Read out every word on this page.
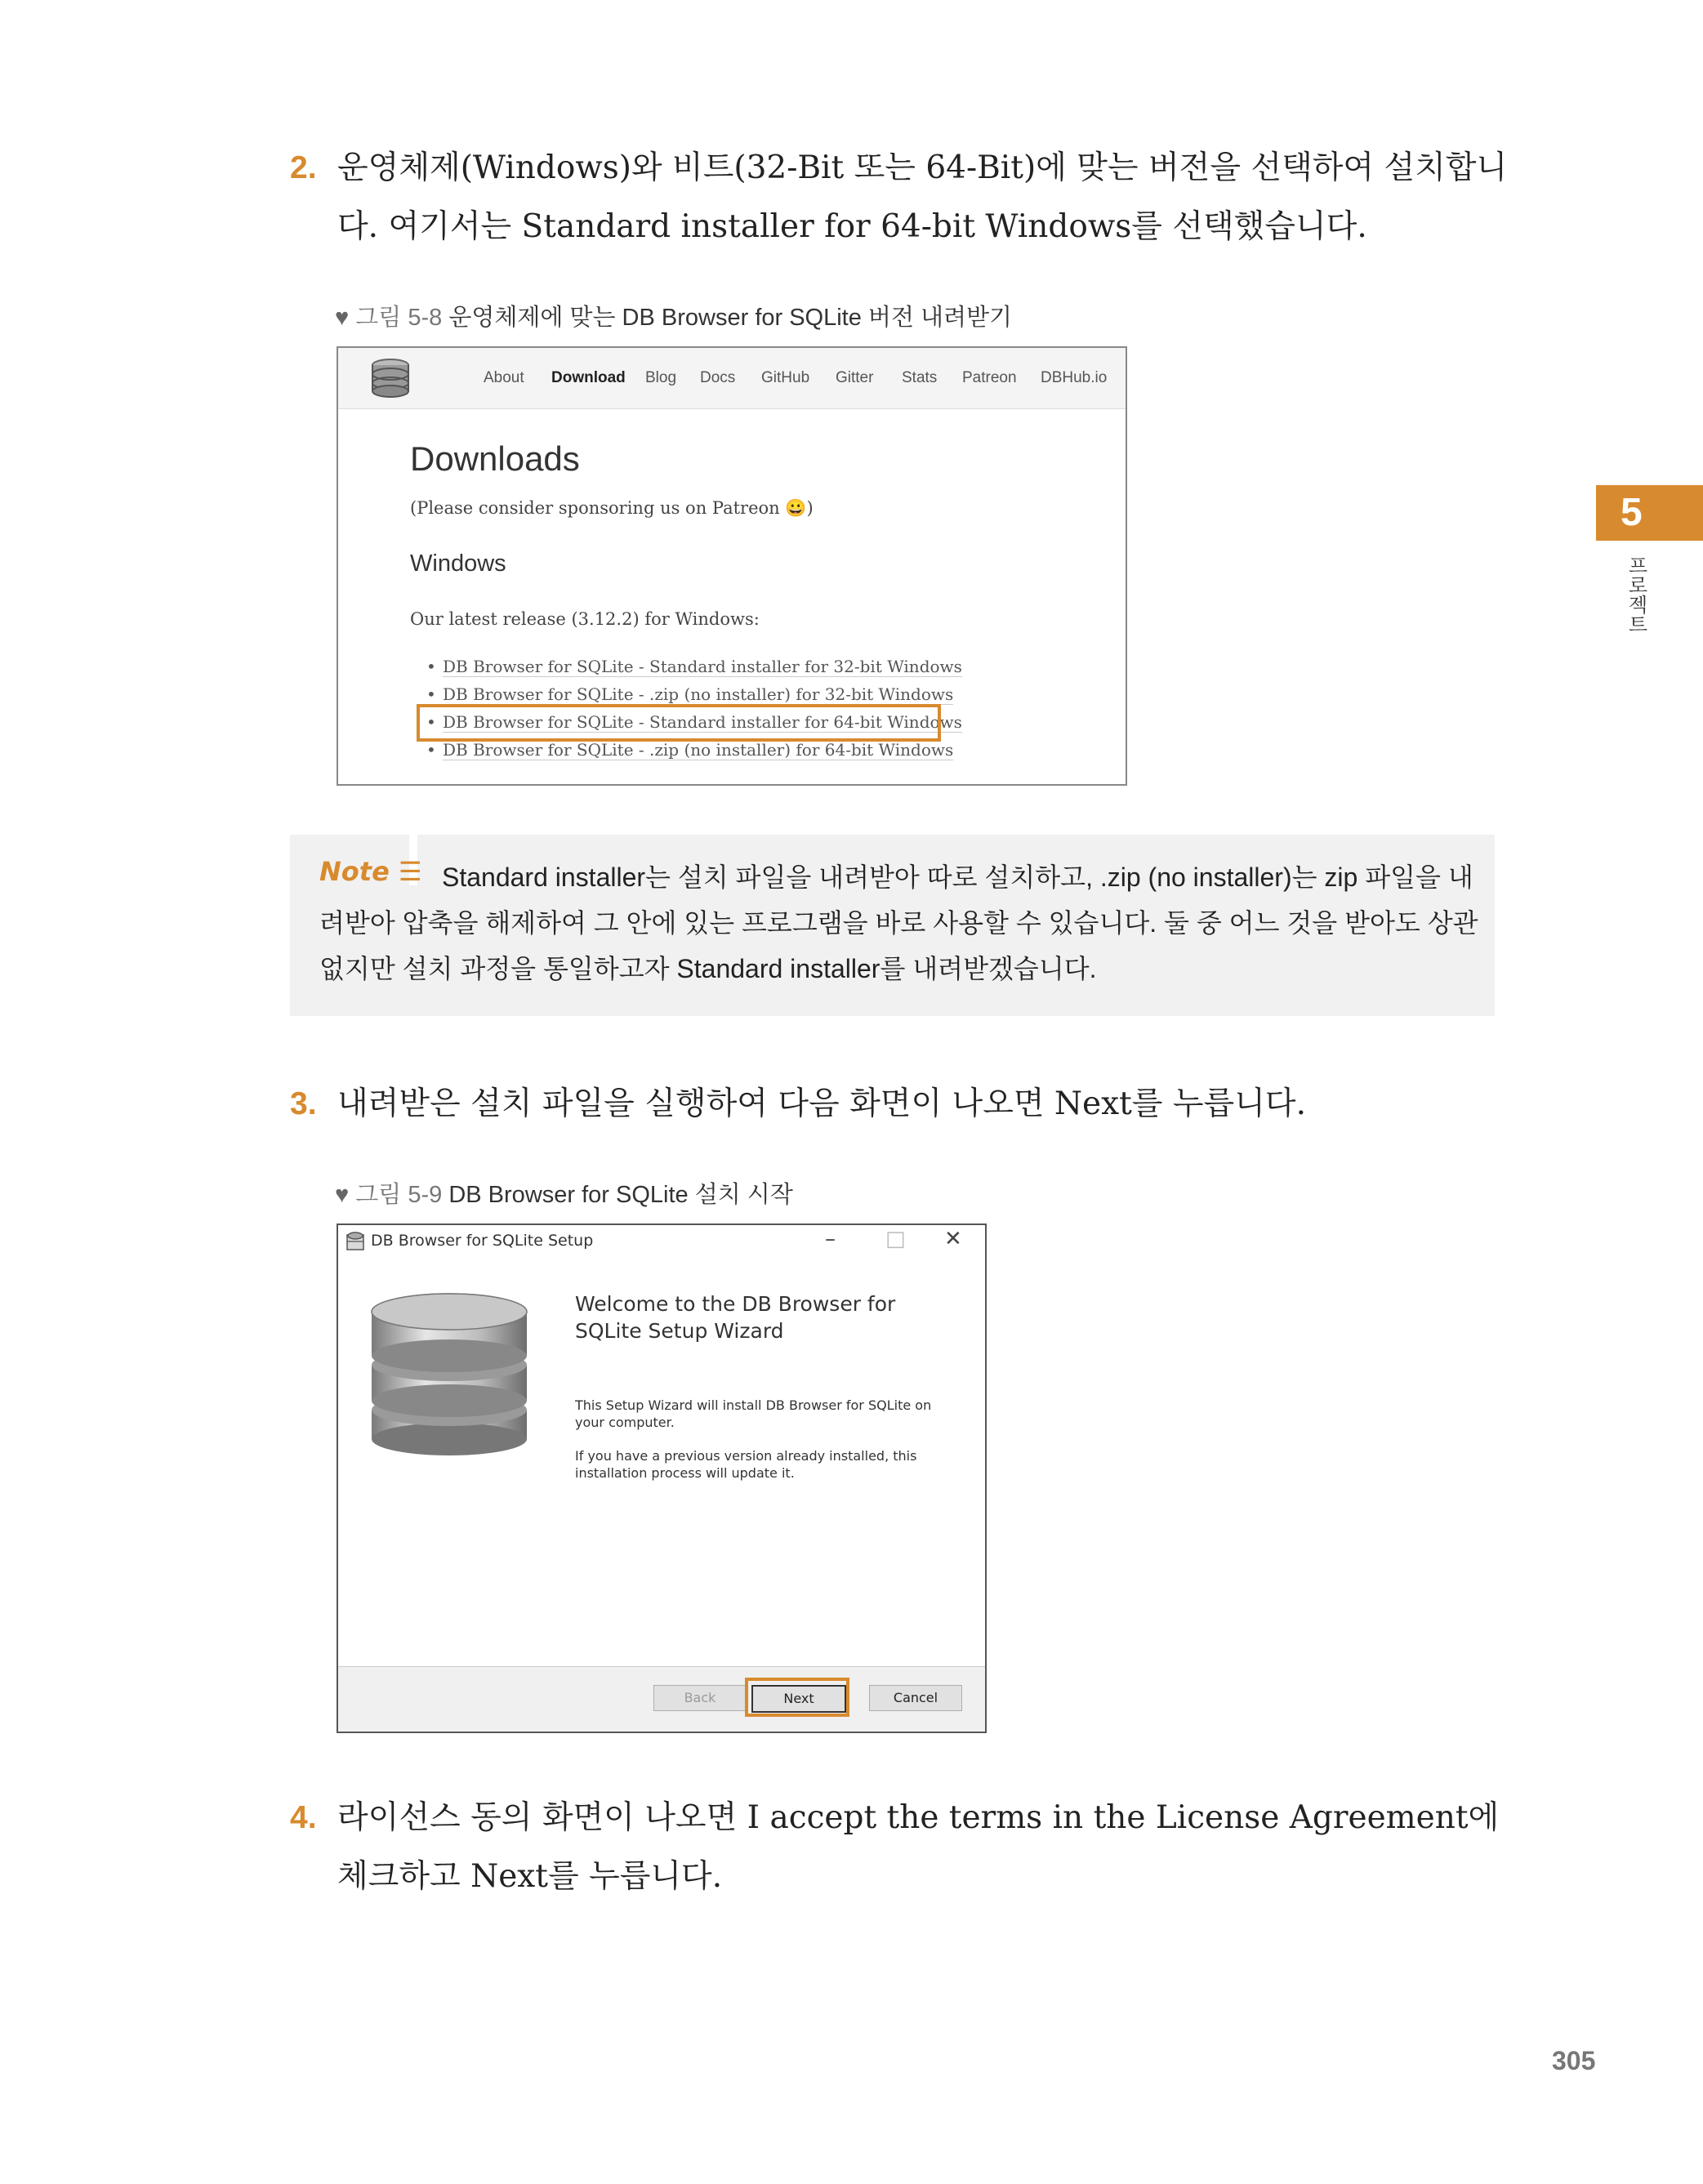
2. 운영체제(Windows)와 비트(32-Bit 또는 64-Bit)에 맞는 버전을 선택하여 설치합니다. 여기서는 Standard installer for 64-bit Windows를 선택했습니다.
♥ 그림 5-8 운영체제에 맞는 DB Browser for SQLite 버전 내려받기
About Download Blog Docs GitHub Gitter Stats Patreon DBHub.io
Downloads
(Please consider sponsoring us on Patreon 😀)
Windows
Our latest release (3.12.2) for Windows:
• DB Browser for SQLite - Standard installer for 32-bit Windows
• DB Browser for SQLite - .zip (no installer) for 32-bit Windows
• DB Browser for SQLite - Standard installer for 64-bit Windows
• DB Browser for SQLite - .zip (no installer) for 64-bit Windows
Standard installer는 설치 파일을 내려받아 따로 설치하고, .zip (no installer)는 zip 파일을 내려받아 압축을 해제하여 그 안에 있는 프로그램을 바로 사용할 수 있습니다. 둘 중 어느 것을 받아도 상관없지만 설치 과정을 통일하고자 Standard installer를 내려받겠습니다.
Note ☰
3. 내려받은 설치 파일을 실행하여 다음 화면이 나오면 Next를 누릅니다.
♥ 그림 5-9 DB Browser for SQLite 설치 시작
DB Browser for SQLite Setup	– □ ✕
Welcome to the DB Browser for SQLite Setup Wizard
This Setup Wizard will install DB Browser for SQLite on your computer.
If you have a previous version already installed, this installation process will update it.
Back	Next	Cancel
4. 라이선스 동의 화면이 나오면 I accept the terms in the License Agreement에 체크하고 Next를 누릅니다.
5
프로젝트
305
